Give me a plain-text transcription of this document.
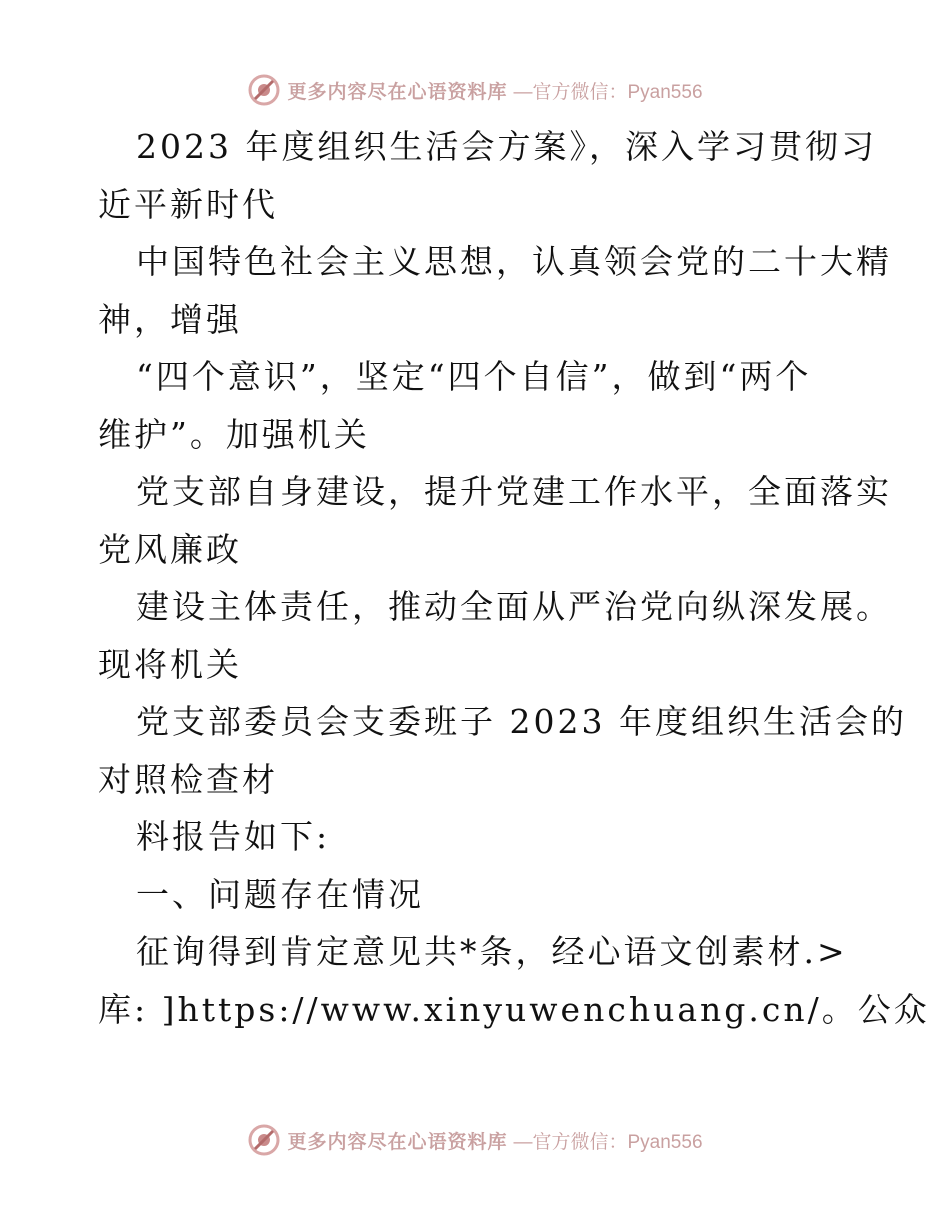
更多内容尽在心语资料库 —官方微信：Pyan556

2023 年度组织生活会方案》，深入学习贯彻习

近平新时代

中国特色社会主义思想，认真领会党的二十大精

神，增强

“四个意识”，坚定“四个自信”，做到“两个

维护”。加强机关

党支部自身建设，提升党建工作水平，全面落实

党风廉政

建设主体责任，推动全面从严治党向纵深发展。

现将机关

党支部委员会支委班子 2023 年度组织生活会的

对照检查材

料报告如下:

一、问题存在情况

征询得到肯定意见共*条，经心语文创素材.>

库: ]https://www.xinyuwenchuang.cn/。公众

更多内容尽在心语资料库 —官方微信：Pyan556
